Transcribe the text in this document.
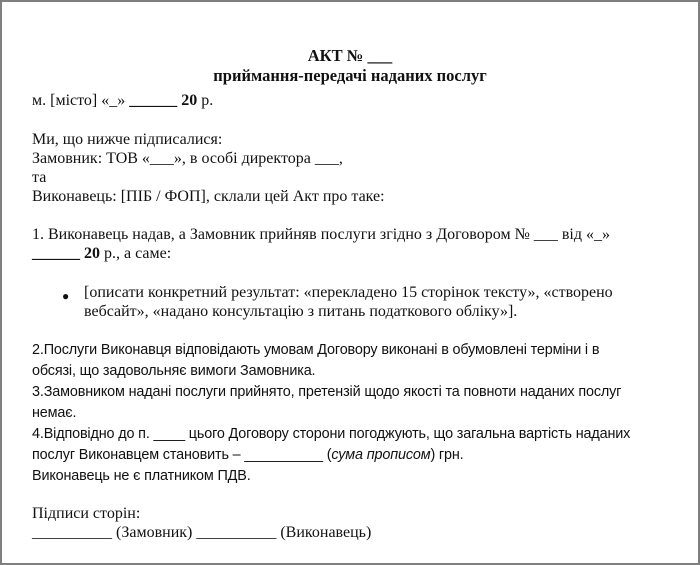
АКТ № ___
приймання-передачі наданих послуг
м. [місто] «_» ______ 20 р.
Ми, що нижче підписалися:
Замовник: ТОВ «___», в особі директора ___,
та
Виконавець: [ПІБ / ФОП], склали цей Акт про таке:
1. Виконавець надав, а Замовник прийняв послуги згідно з Договором № ___ від «_»
______ 20 р., а саме:
● [описати конкретний результат: «перекладено 15 сторінок тексту», «створено
вебсайт», «надано консультацію з питань податкового обліку»].
2.Послуги Виконавця відповідають умовам Договору виконані в обумовлені терміни і в
обсязі, що задовольняє вимоги Замовника.
3.Замовником надані послуги прийнято, претензій щодо якості та повноти наданих послуг
немає.
4.Відповідно до п. ____ цього Договору сторони погоджують, що загальна вартість наданих
послуг Виконавцем становить – __________ (сума прописом) грн.
Виконавець не є платником ПДВ.
Підписи сторін:
__________ (Замовник) __________ (Виконавець)
